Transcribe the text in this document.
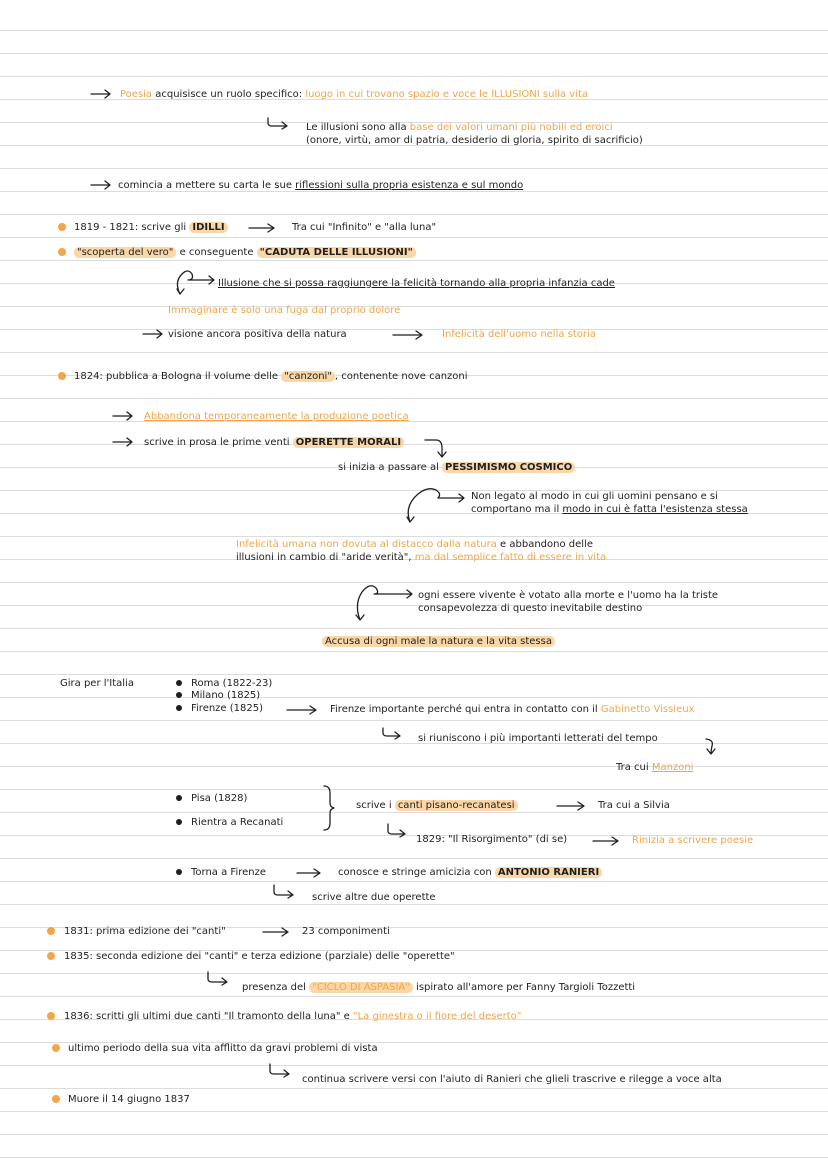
Poesia acquisisce un ruolo specifico: luogo in cui trovano spazio e voce le ILLUSIONI sulla vita
Le illusioni sono alla base dei valori umani più nobili ed eroici
(onore, virtù, amor di patria, desiderio di gloria, spirito di sacrificio)
comincia a mettere su carta le sue riflessioni sulla propria esistenza e sul mondo
1819 - 1821: scrive gli IDILLI	Tra cui "Infinito" e "alla luna"
"scoperta del vero" e conseguente "CADUTA DELLE ILLUSIONI"
Illusione che si possa raggiungere la felicità tornando alla propria infanzia cade
Immaginare è solo una fuga dal proprio dolore
visione ancora positiva della natura	Infelicità dell'uomo nella storia
1824: pubblica a Bologna il volume delle "canzoni" , contenente nove canzoni
Abbandona temporaneamente la produzione poetica
scrive in prosa le prime venti OPERETTE MORALI
si inizia a passare al PESSIMISMO COSMICO
Non legato al modo in cui gli uomini pensano e si
comportano ma il modo in cui è fatta l'esistenza stessa
Infelicità umana non dovuta al distacco dalla natura e abbandono delle
illusioni in cambio di "aride verità", ma dal semplice fatto di essere in vita
ogni essere vivente è votato alla morte e l'uomo ha la triste
consapevolezza di questo inevitabile destino
Accusa di ogni male la natura e la vita stessa
Gira per l'Italia	Roma (1822-23)
Milano (1825)
Firenze (1825)	Firenze importante perché qui entra in contatto con il Gabinetto Vissieux
si riuniscono i più importanti letterati del tempo
Tra cui Manzoni
Pisa (1828)
Rientra a Recanati
scrive i canti pisano-recanatesi	Tra cui a Silvia
1829: "Il Risorgimento" (di se)	Rinizia a scrivere poesie
Torna a Firenze	conosce e stringe amicizia con ANTONIO RANIERI
scrive altre due operette
1831: prima edizione dei "canti"	23 componimenti
1835: seconda edizione dei "canti" e terza edizione (parziale) delle "operette"
presenza del "CICLO DI ASPASIA" ispirato all'amore per Fanny Targioli Tozzetti
1836: scritti gli ultimi due canti "Il tramonto della luna" e "La ginestra o il fiore del deserto"
ultimo periodo della sua vita afflitto da gravi problemi di vista
continua scrivere versi con l'aiuto di Ranieri che glieli trascrive e rilegge a voce alta
Muore il 14 giugno 1837
